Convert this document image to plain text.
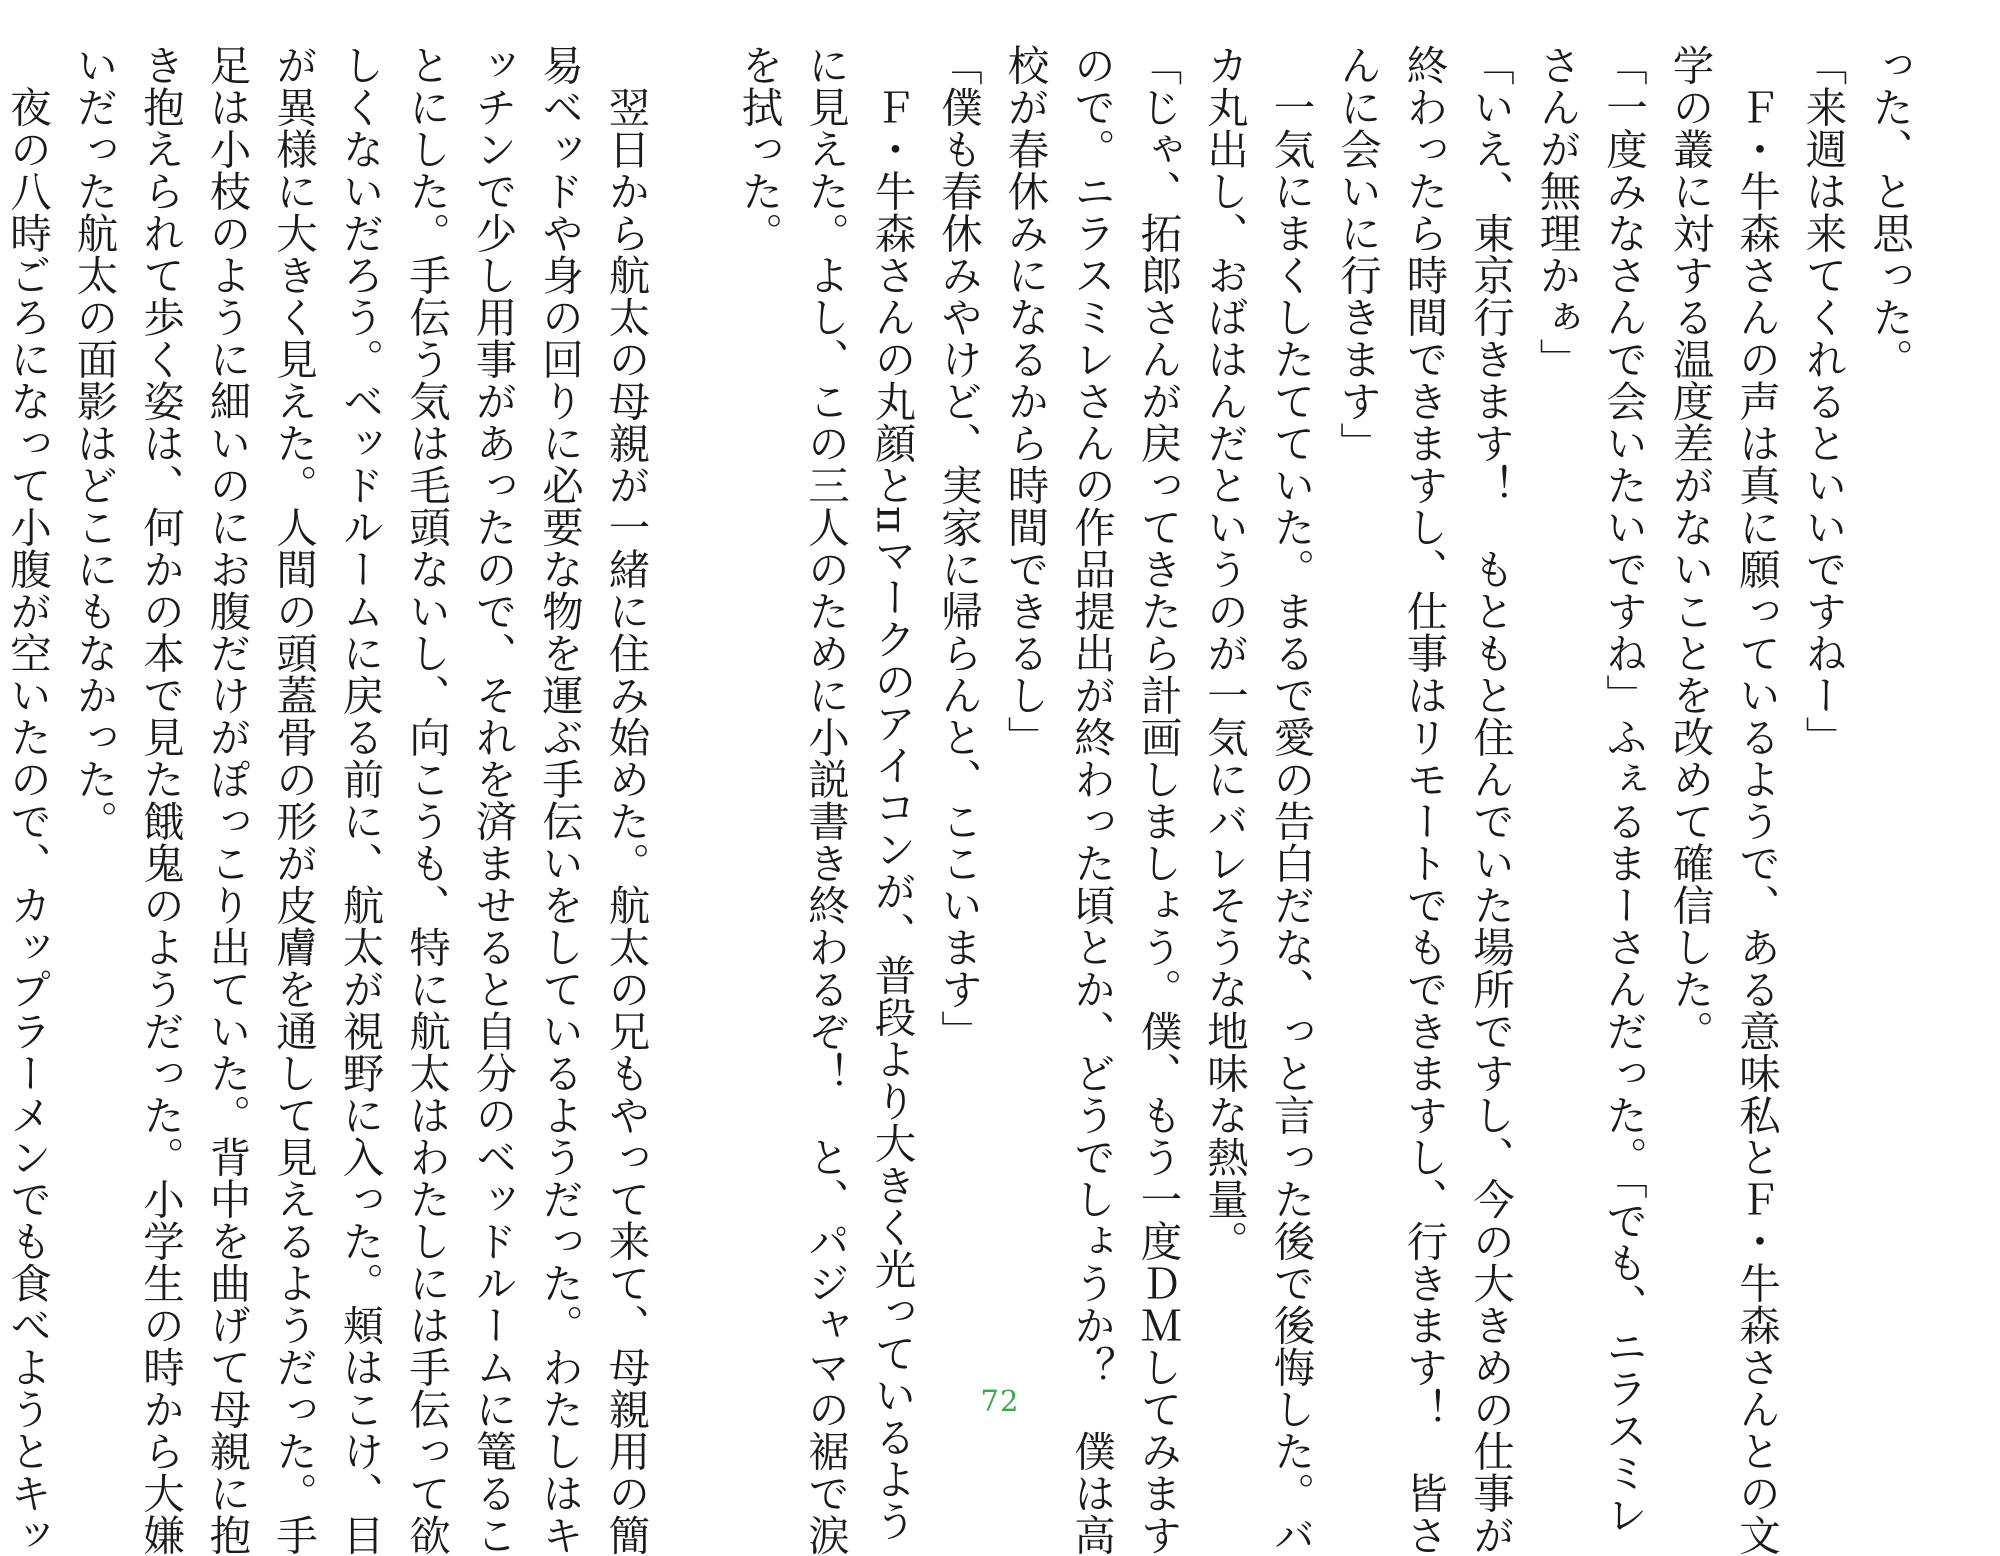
った、と思った。
「来週は来てくれるといいですねー」
　Ｆ・牛森さんの声は真に願っているようで、ある意味私とＦ・牛森さんとの文
学の叢に対する温度差がないことを改めて確信した。
「一度みなさんで会いたいですね」ふぇるまーさんだった。「でも、ニラスミレ
さんが無理かぁ」
「いえ、東京行きます！　もともと住んでいた場所ですし、今の大きめの仕事が
終わったら時間できますし、仕事はリモートでもできますし、行きます！　皆さ
んに会いに行きます」
　一気にまくしたてていた。まるで愛の告白だな、っと言った後で後悔した。バ
カ丸出し、おばはんだというのが一気にバレそうな地味な熱量。
「じゃ、拓郎さんが戻ってきたら計画しましょう。僕、もう一度ＤＭしてみます
ので。ニラスミレさんの作品提出が終わった頃とか、どうでしょうか？　僕は高
校が春休みになるから時間できるし」
「僕も春休みやけど、実家に帰らんと、ここいます」
　Ｆ・牛森さんの丸顔とπマークのアイコンが、普段より大きく光っているよう
に見えた。よし、この三人のために小説書き終わるぞ！　と、パジャマの裾で涙
を拭った。
　翌日から航太の母親が一緒に住み始めた。航太の兄もやって来て、母親用の簡
易ベッドや身の回りに必要な物を運ぶ手伝いをしているようだった。わたしはキ
ッチンで少し用事があったので、それを済ませると自分のベッドルームに篭るこ
とにした。手伝う気は毛頭ないし、向こうも、特に航太はわたしには手伝って欲
しくないだろう。ベッドルームに戻る前に、航太が視野に入った。頬はこけ、目
が異様に大きく見えた。人間の頭蓋骨の形が皮膚を通して見えるようだった。手
足は小枝のように細いのにお腹だけがぽっこり出ていた。背中を曲げて母親に抱
き抱えられて歩く姿は、何かの本で見た餓鬼のようだった。小学生の時から大嫌
いだった航太の面影はどこにもなかった。
　夜の八時ごろになって小腹が空いたので、カップラーメンでも食べようとキッ	72
